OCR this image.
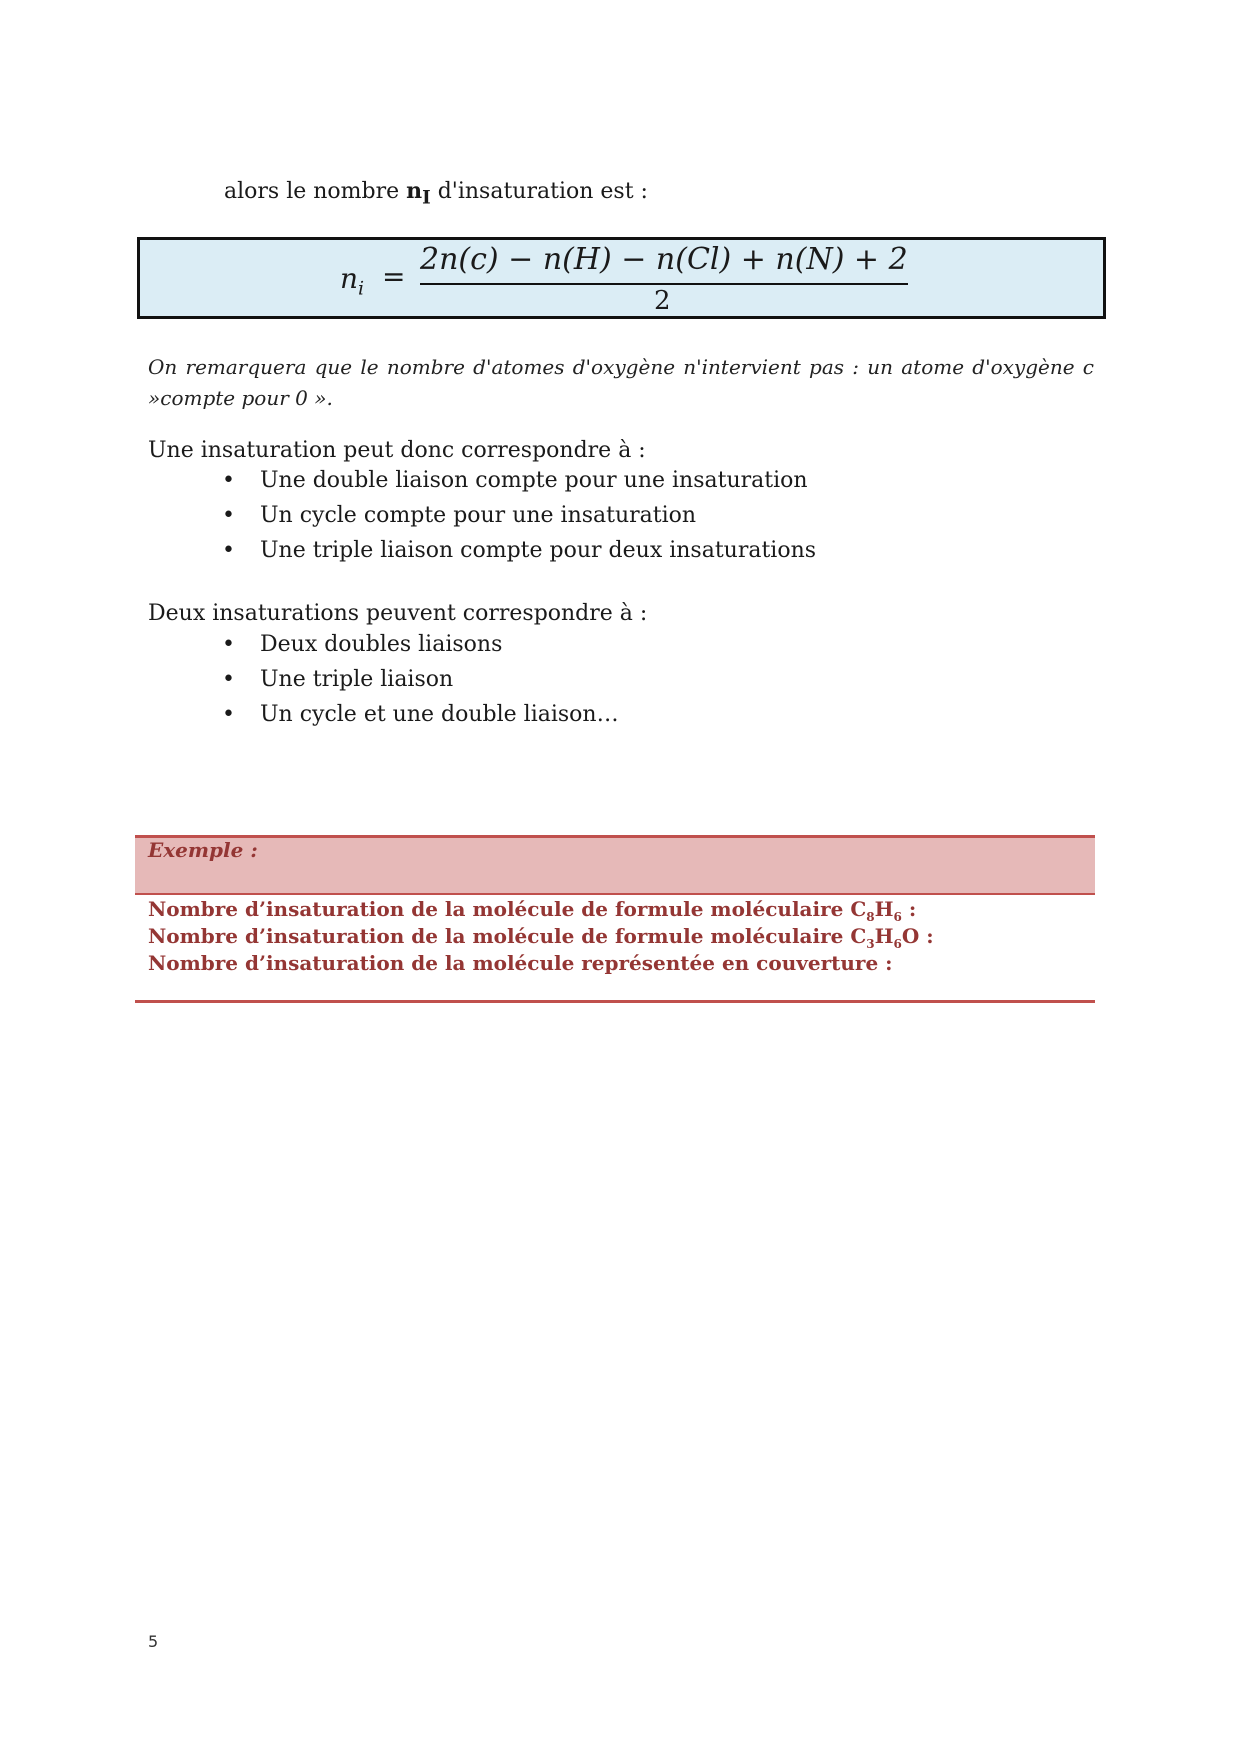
alors le nombre $n_I$ d'insaturation est :
$n_i = 2n(c) - n(H) - n(Cl) + n(N) + 2$
2
On remarquera que le nombre d'atomes d'oxygène n'intervient pas : un atome d'oxygène c »compte pour 0 ».
Une insaturation peut donc correspondre à :
• Une double liaison compte pour une insaturation
• Un cycle compte pour une insaturation
• Une triple liaison compte pour deux insaturations
Deux insaturations peuvent correspondre à :
• Deux doubles liaisons
• Une triple liaison
• Un cycle et une double liaison…
Exemple :
Nombre d’insaturation de la molécule de formule moléculaire $C_8H_6$ :
Nombre d’insaturation de la molécule de formule moléculaire $C_3H_6O$ :
Nombre d’insaturation de la molécule représentée en couverture :
5
